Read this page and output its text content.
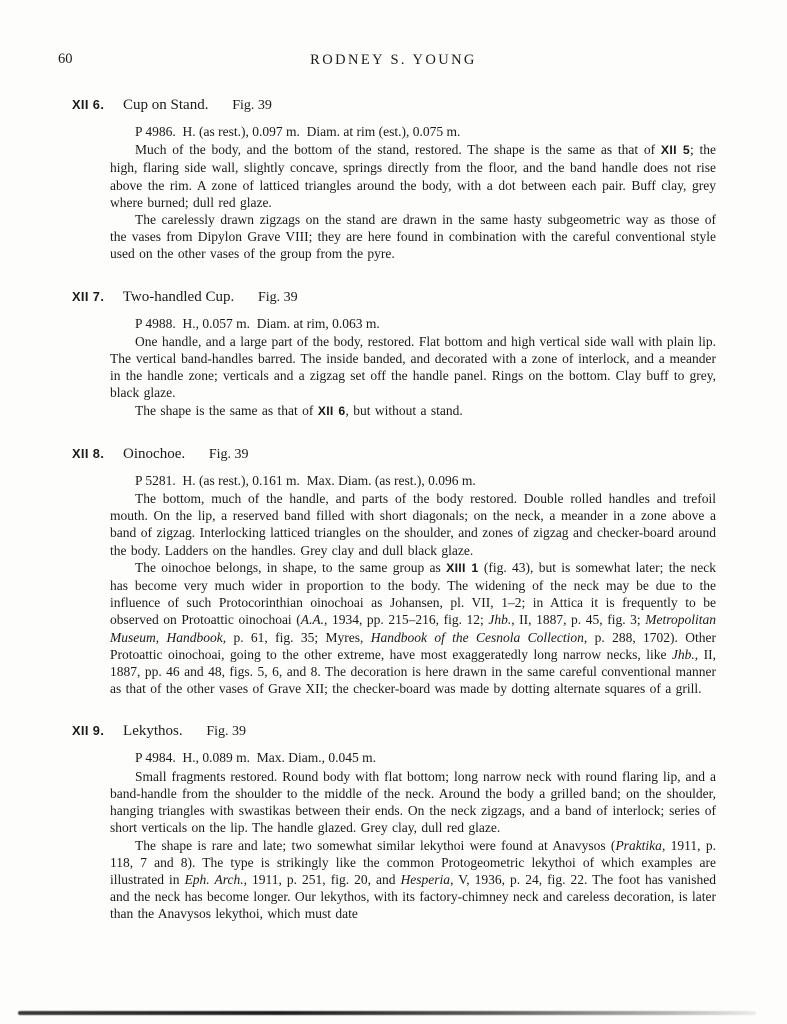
60	RODNEY S. YOUNG
XII 6. Cup on Stand. Fig. 39

P 4986.  H. (as rest.), 0.097 m.  Diam. at rim (est.), 0.075 m.

Much of the body, and the bottom of the stand, restored. The shape is the same as that of XII 5; the high, flaring side wall, slightly concave, springs directly from the floor, and the band handle does not rise above the rim. A zone of latticed triangles around the body, with a dot between each pair. Buff clay, grey where burned; dull red glaze.

The carelessly drawn zigzags on the stand are drawn in the same hasty subgeometric way as those of the vases from Dipylon Grave VIII; they are here found in combination with the careful conventional style used on the other vases of the group from the pyre.

XII 7. Two-handled Cup. Fig. 39

P 4988.  H., 0.057 m.  Diam. at rim, 0.063 m.

One handle, and a large part of the body, restored. Flat bottom and high vertical side wall with plain lip. The vertical band-handles barred. The inside banded, and decorated with a zone of interlock, and a meander in the handle zone; verticals and a zigzag set off the handle panel. Rings on the bottom. Clay buff to grey, black glaze.

The shape is the same as that of XII 6, but without a stand.

XII 8. Oinochoe. Fig. 39

P 5281.  H. (as rest.), 0.161 m.  Max. Diam. (as rest.), 0.096 m.

The bottom, much of the handle, and parts of the body restored. Double rolled handles and trefoil mouth. On the lip, a reserved band filled with short diagonals; on the neck, a meander in a zone above a band of zigzag. Interlocking latticed triangles on the shoulder, and zones of zigzag and checker-board around the body. Ladders on the handles. Grey clay and dull black glaze.

The oinochoe belongs, in shape, to the same group as XIII 1 (fig. 43), but is somewhat later; the neck has become very much wider in proportion to the body. The widening of the neck may be due to the influence of such Protocorinthian oinochoai as Johansen, pl. VII, 1–2; in Attica it is frequently to be observed on Protoattic oinochoai (A.A., 1934, pp. 215–216, fig. 12; Jhb., II, 1887, p. 45, fig. 3; Metropolitan Museum, Handbook, p. 61, fig. 35; Myres, Handbook of the Cesnola Collection, p. 288, 1702). Other Protoattic oinochoai, going to the other extreme, have most exaggeratedly long narrow necks, like Jhb., II, 1887, pp. 46 and 48, figs. 5, 6, and 8. The decoration is here drawn in the same careful conventional manner as that of the other vases of Grave XII; the checker-board was made by dotting alternate squares of a grill.

XII 9. Lekythos. Fig. 39

P 4984.  H., 0.089 m.  Max. Diam., 0.045 m.

Small fragments restored. Round body with flat bottom; long narrow neck with round flaring lip, and a band-handle from the shoulder to the middle of the neck. Around the body a grilled band; on the shoulder, hanging triangles with swastikas between their ends. On the neck zigzags, and a band of interlock; series of short verticals on the lip. The handle glazed. Grey clay, dull red glaze.

The shape is rare and late; two somewhat similar lekythoi were found at Anavysos (Praktika, 1911, p. 118, 7 and 8). The type is strikingly like the common Protogeometric lekythoi of which examples are illustrated in Eph. Arch., 1911, p. 251, fig. 20, and Hesperia, V, 1936, p. 24, fig. 22. The foot has vanished and the neck has become longer. Our lekythos, with its factory-chimney neck and careless decoration, is later than the Anavysos lekythoi, which must date
